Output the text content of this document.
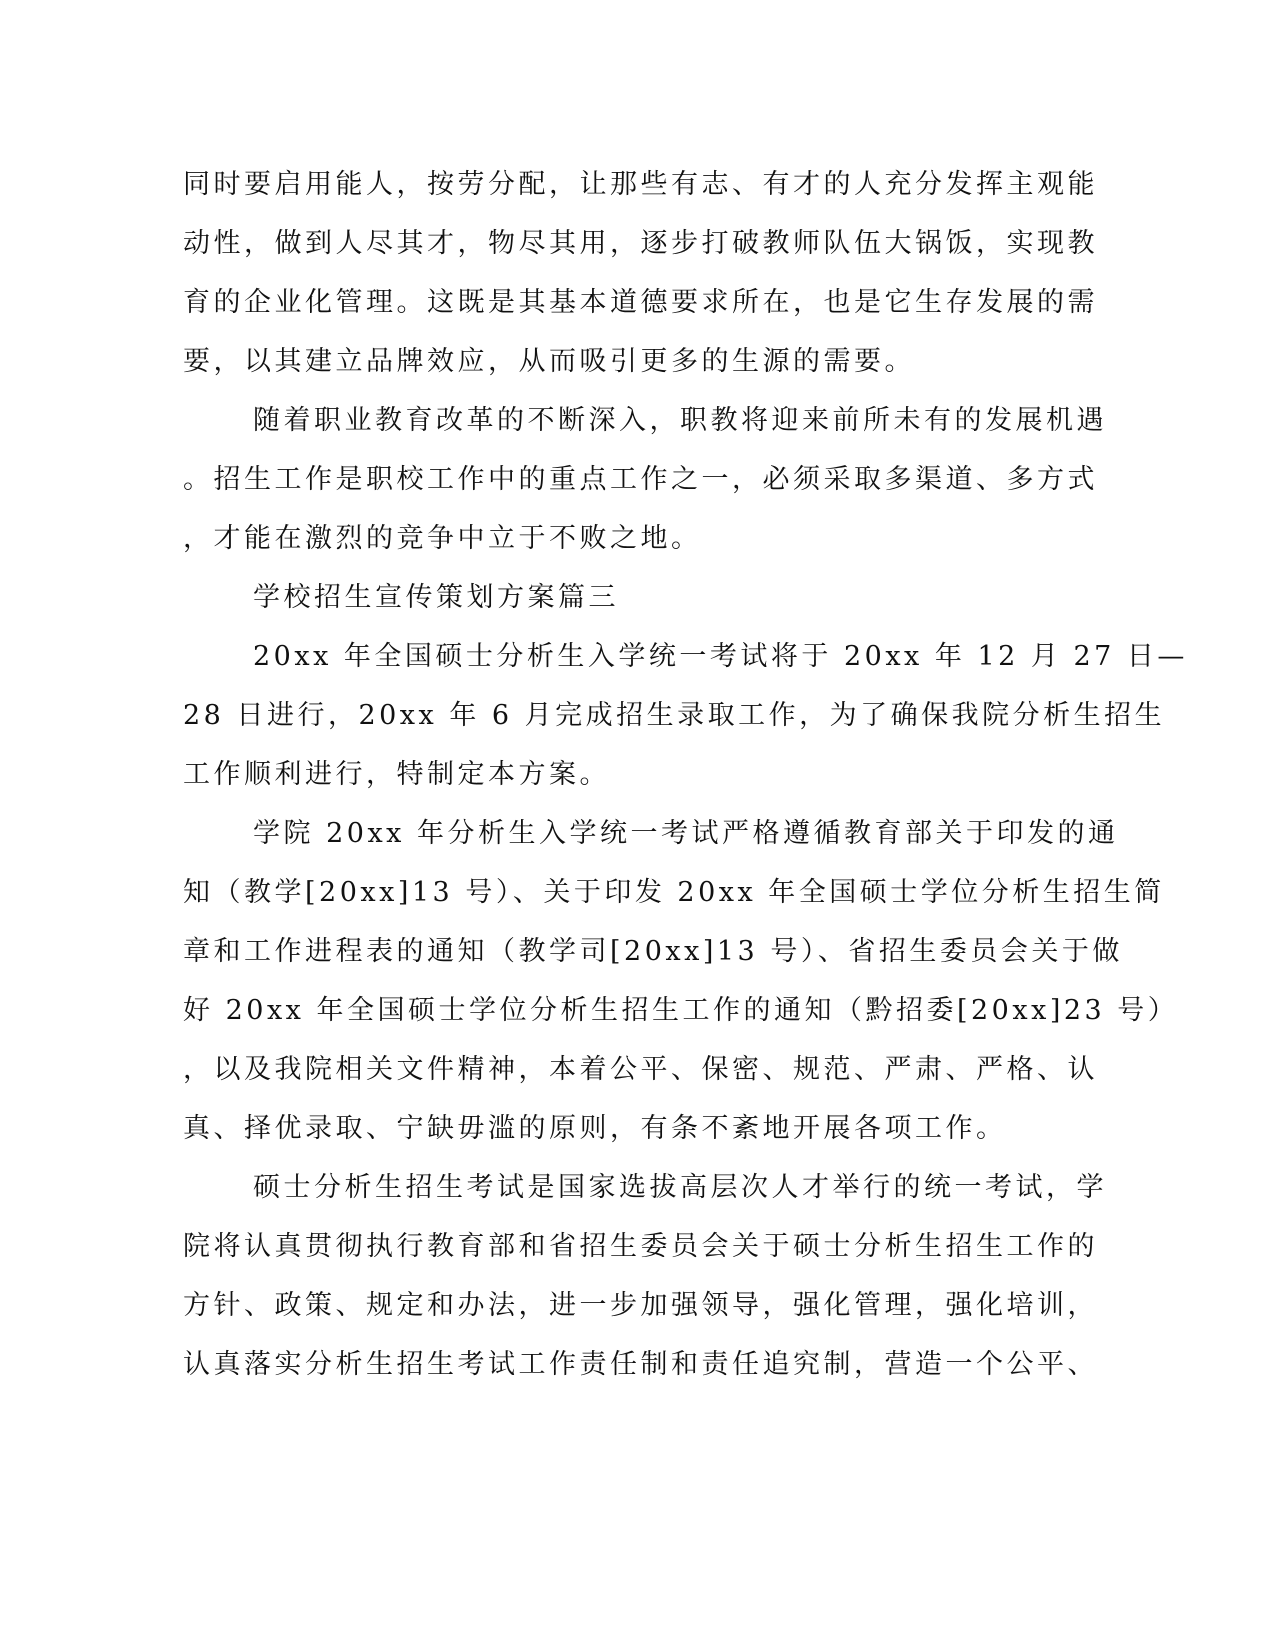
同时要启用能人，按劳分配，让那些有志、有才的人充分发挥主观能
动性，做到人尽其才，物尽其用，逐步打破教师队伍大锅饭，实现教
育的企业化管理。这既是其基本道德要求所在，也是它生存发展的需
要，以其建立品牌效应，从而吸引更多的生源的需要。
随着职业教育改革的不断深入，职教将迎来前所未有的发展机遇
。招生工作是职校工作中的重点工作之一，必须采取多渠道、多方式
，才能在激烈的竞争中立于不败之地。
学校招生宣传策划方案篇三
20xx 年全国硕士分析生入学统一考试将于 20xx 年 12 月 27 日—
28 日进行，20xx 年 6 月完成招生录取工作，为了确保我院分析生招生
工作顺利进行，特制定本方案。
学院 20xx 年分析生入学统一考试严格遵循教育部关于印发的通
知（教学[20xx]13 号）、关于印发 20xx 年全国硕士学位分析生招生简
章和工作进程表的通知（教学司[20xx]13 号）、省招生委员会关于做
好 20xx 年全国硕士学位分析生招生工作的通知（黔招委[20xx]23 号）
，以及我院相关文件精神，本着公平、保密、规范、严肃、严格、认
真、择优录取、宁缺毋滥的原则，有条不紊地开展各项工作。
硕士分析生招生考试是国家选拔高层次人才举行的统一考试，学
院将认真贯彻执行教育部和省招生委员会关于硕士分析生招生工作的
方针、政策、规定和办法，进一步加强领导，强化管理，强化培训，
认真落实分析生招生考试工作责任制和责任追究制，营造一个公平、
